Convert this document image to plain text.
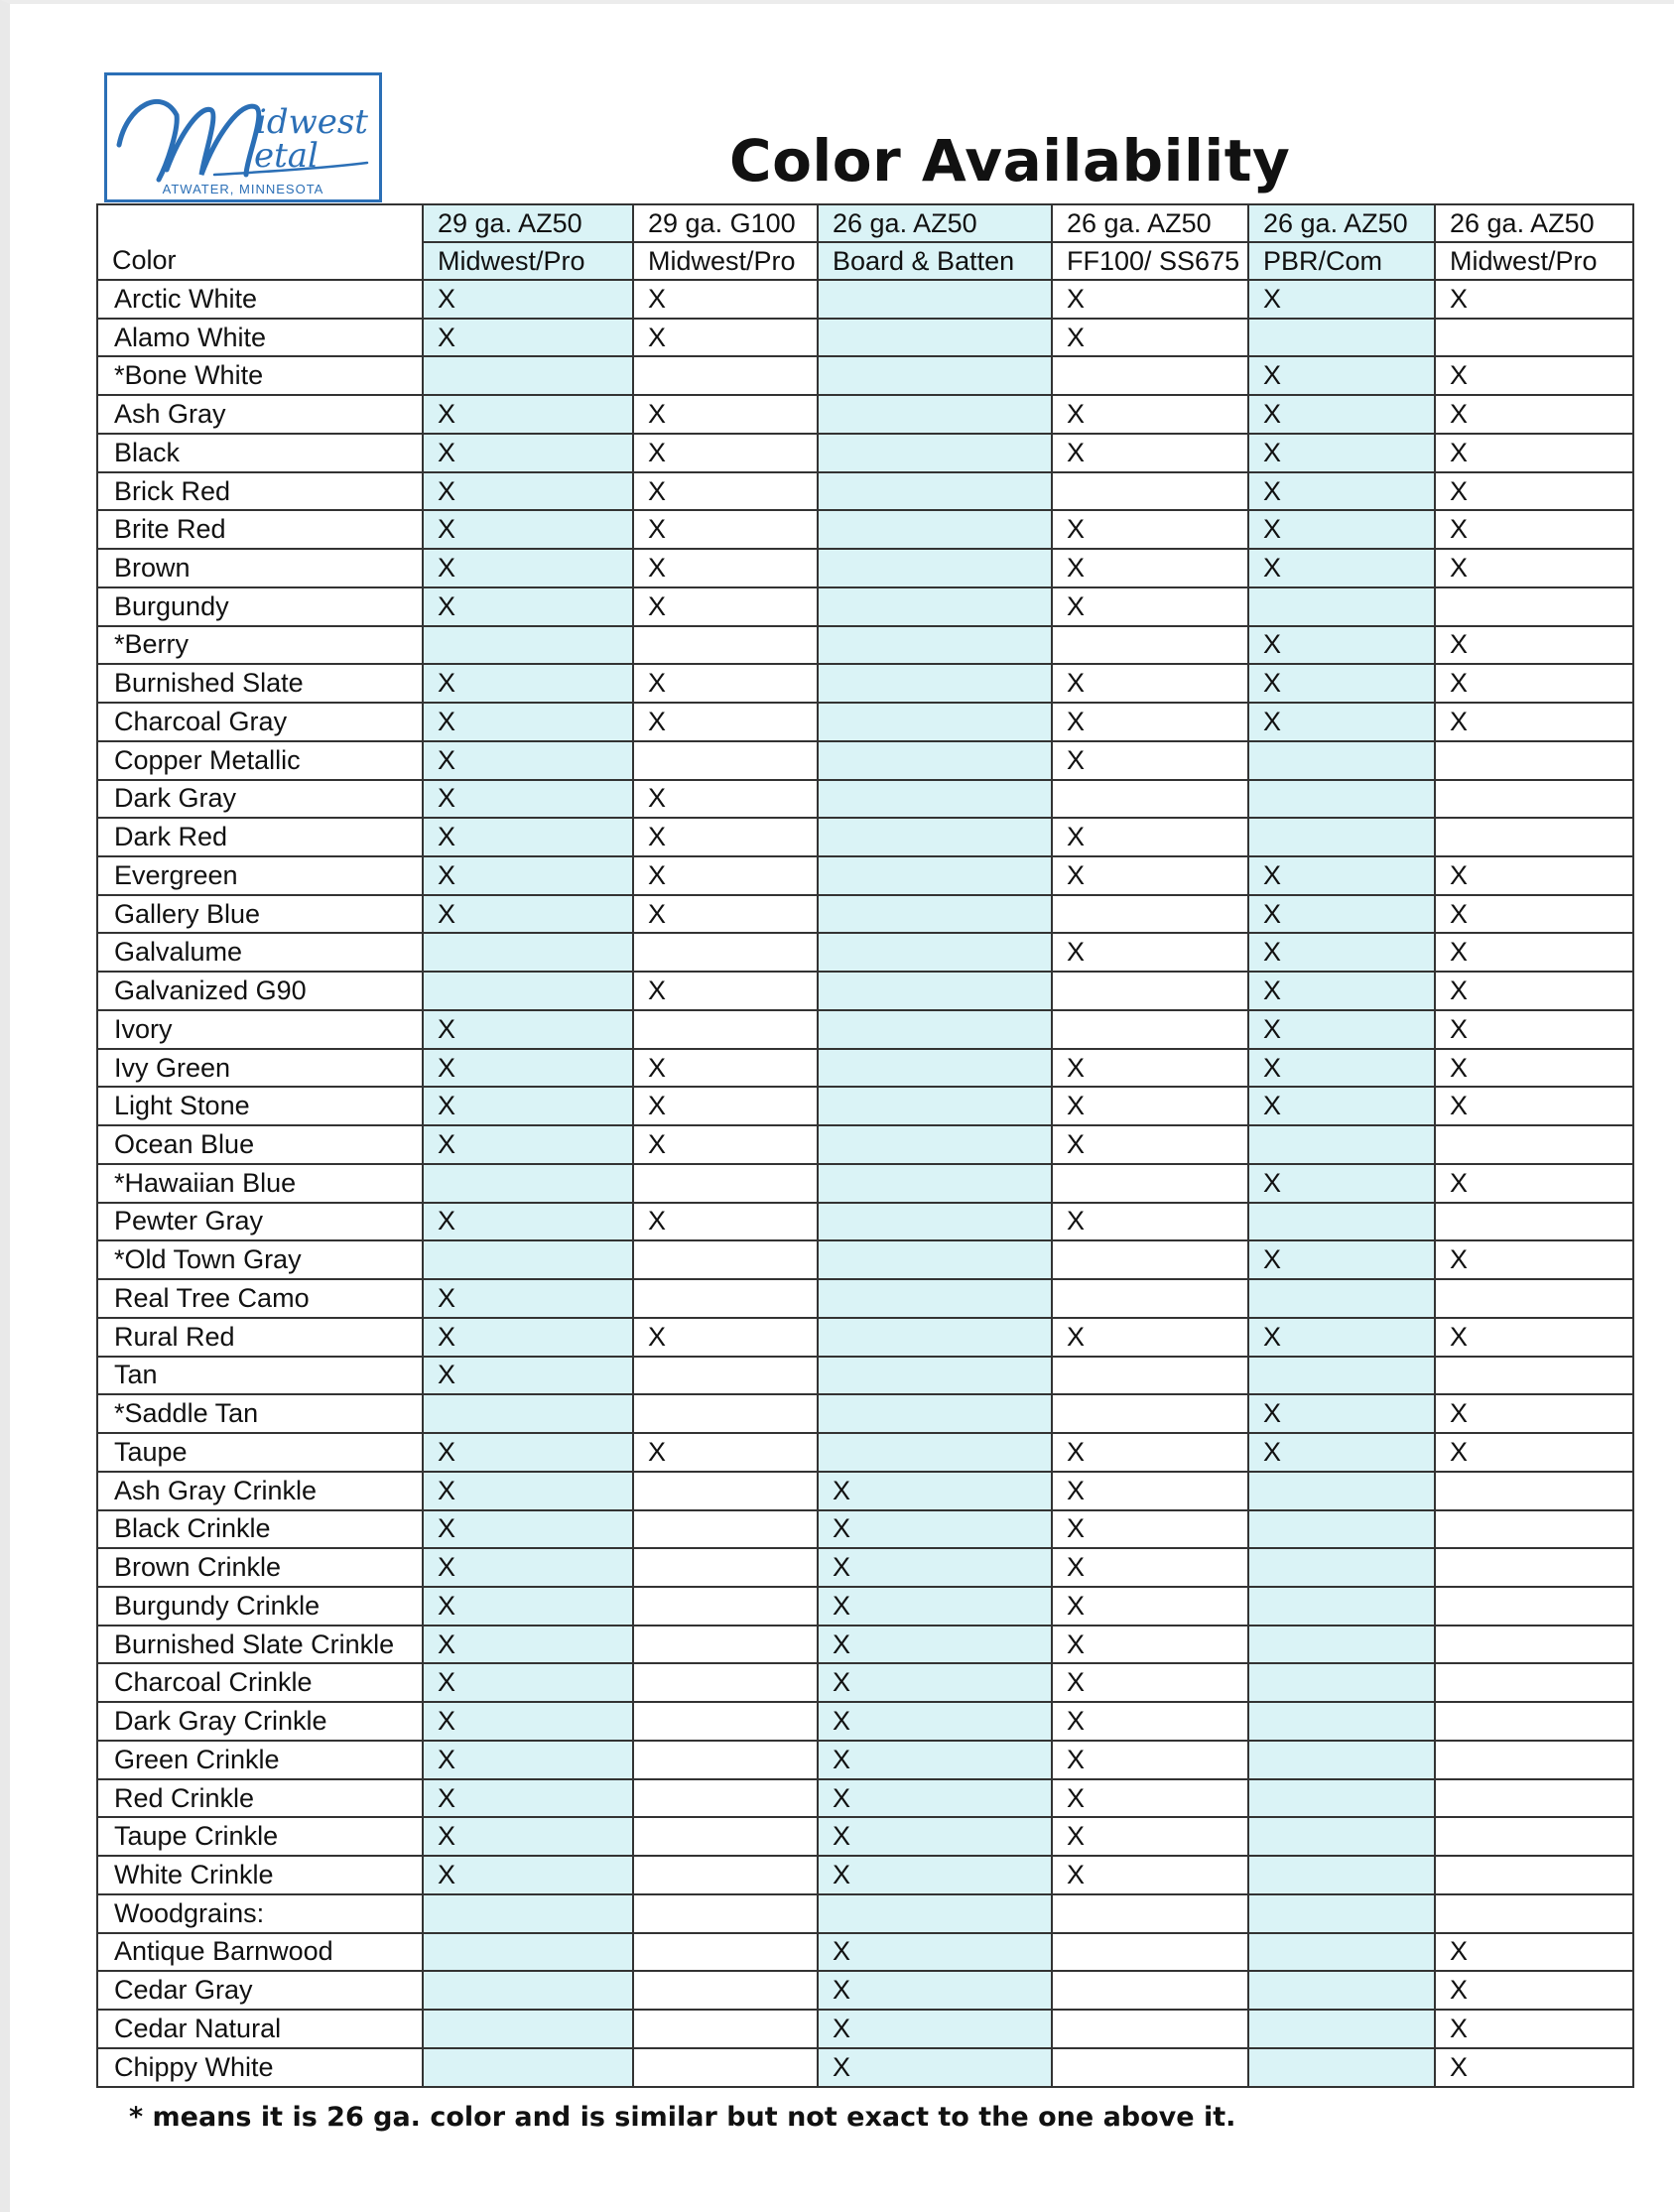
idwest
etal
ATWATER, MINNESOTA	Color Availability
	29 ga. AZ50	29 ga. G100	26 ga. AZ50	26 ga. AZ50	26 ga. AZ50	26 ga. AZ50
Color	Midwest/Pro	Midwest/Pro	Board & Batten	FF100/ SS675	PBR/Com	Midwest/Pro
Arctic White	X	X		X	X	X
Alamo White	X	X		X		
*Bone White					X	X
Ash Gray	X	X		X	X	X
Black	X	X		X	X	X
Brick Red	X	X			X	X
Brite Red	X	X		X	X	X
Brown	X	X		X	X	X
Burgundy	X	X		X		
*Berry					X	X
Burnished Slate	X	X		X	X	X
Charcoal Gray	X	X		X	X	X
Copper Metallic	X			X		
Dark Gray	X	X				
Dark Red	X	X		X		
Evergreen	X	X		X	X	X
Gallery Blue	X	X			X	X
Galvalume				X	X	X
Galvanized G90		X			X	X
Ivory	X				X	X
Ivy Green	X	X		X	X	X
Light Stone	X	X		X	X	X
Ocean Blue	X	X		X		
*Hawaiian Blue					X	X
Pewter Gray	X	X		X		
*Old Town Gray					X	X
Real Tree Camo	X					
Rural Red	X	X		X	X	X
Tan	X					
*Saddle Tan					X	X
Taupe	X	X		X	X	X
Ash Gray Crinkle	X		X	X		
Black Crinkle	X		X	X		
Brown Crinkle	X		X	X		
Burgundy Crinkle	X		X	X		
Burnished Slate Crinkle	X		X	X		
Charcoal Crinkle	X		X	X		
Dark Gray Crinkle	X		X	X		
Green Crinkle	X		X	X		
Red Crinkle	X		X	X		
Taupe Crinkle	X		X	X		
White Crinkle	X		X	X		
Woodgrains:						
Antique Barnwood			X			X
Cedar Gray			X			X
Cedar Natural			X			X
Chippy White			X			X
* means it is 26 ga. color and is similar but not exact to the one above it.
